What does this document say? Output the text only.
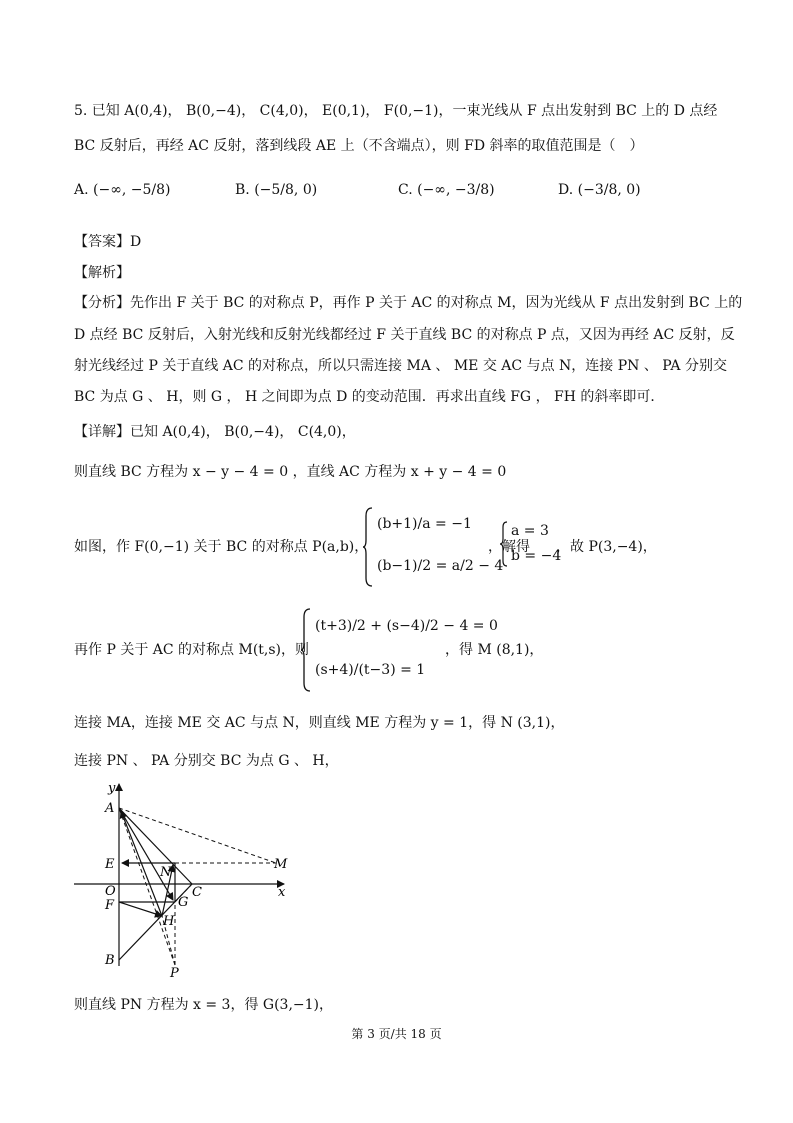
5. 已知 A(0,4)， B(0,−4)， C(4,0)， E(0,1)， F(0,−1)，一束光线从 F 点出发射到 BC 上的 D 点经
BC 反射后，再经 AC 反射，落到线段 AE 上（不含端点），则 FD 斜率的取值范围是（　）
A. (−∞, −5/8)	B. (−5/8, 0)	C. (−∞, −3/8)	D. (−3/8, 0)
【答案】D
【解析】
【分析】先作出 F 关于 BC 的对称点 P，再作 P 关于 AC 的对称点 M，因为光线从 F 点出发射到 BC 上的
D 点经 BC 反射后，入射光线和反射光线都经过 F 关于直线 BC 的对称点 P 点，又因为再经 AC 反射，反
射光线经过 P 关于直线 AC 的对称点，所以只需连接 MA 、 ME 交 AC 与点 N，连接 PN 、 PA 分别交
BC 为点 G 、 H，则 G ， H 之间即为点 D 的变动范围．再求出直线 FG ， FH 的斜率即可．
【详解】已知 A(0,4)， B(0,−4)， C(4,0)，
则直线 BC 方程为 x − y − 4 = 0 ，直线 AC 方程为 x + y − 4 = 0
如图，作 F(0,−1) 关于 BC 的对称点 P(a,b)，
(b+1)/a = −1
(b−1)/2 = a/2 − 4
，解得
a = 3
b = −4
，故 P(3,−4)，
再作 P 关于 AC 的对称点 M(t,s)，则
(t+3)/2 + (s−4)/2 − 4 = 0
(s+4)/(t−3) = 1
，得 M (8,1)，
连接 MA，连接 ME 交 AC 与点 N，则直线 ME 方程为 y = 1，得 N (3,1)，
连接 PN 、 PA 分别交 BC 为点 G 、 H，
y
x
A
E
O
F
B
C
N
G
H
M
P
则直线 PN 方程为 x = 3，得 G(3,−1)，
第 3 页/共 18 页
